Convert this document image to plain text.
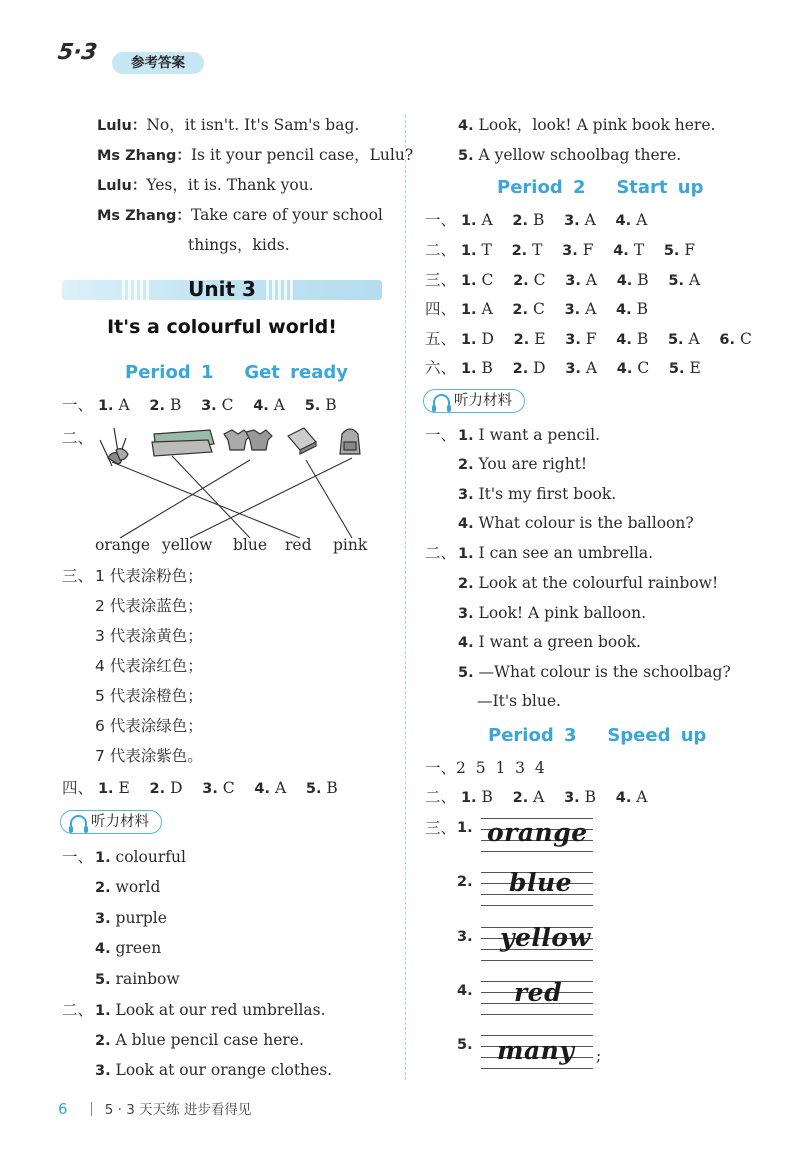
5·3	参考答案
Lulu：No，it isn't. It's Sam's bag.
Ms Zhang：Is it your pencil case，Lulu?
Lulu：Yes，it is. Thank you.
Ms Zhang：Take care of your school
things，kids.
Unit 3
It's a colourful world!
Period 1 Get ready
一、 1. A 2. B 3. C 4. A 5. B
二、
orange yellow blue red pink
三、 1 代表涂粉色；
2 代表涂蓝色；
3 代表涂黄色；
4 代表涂红色；
5 代表涂橙色；
6 代表涂绿色；
7 代表涂紫色。
四、 1. E 2. D 3. C 4. A 5. B
听力材料
一、 1. colourful
2. world
3. purple
4. green
5. rainbow
二、 1. Look at our red umbrellas.
2. A blue pencil case here.
3. Look at our orange clothes.
4. Look，look! A pink book here.
5. A yellow schoolbag there.
Period 2 Start up
一、 1. A 2. B 3. A 4. A
二、 1. T 2. T 3. F 4. T 5. F
三、 1. C 2. C 3. A 4. B 5. A
四、 1. A 2. C 3. A 4. B
五、 1. D 2. E 3. F 4. B 5. A 6. C
六、 1. B 2. D 3. A 4. C 5. E
听力材料
一、 1. I want a pencil.
2. You are right!
3. It's my first book.
4. What colour is the balloon?
二、 1. I can see an umbrella.
2. Look at the colourful rainbow!
3. Look! A pink balloon.
4. I want a green book.
5. —What colour is the schoolbag?
—It's blue.
Period 3 Speed up
一、2  5  1  3  4
二、 1. B 2. A 3. B 4. A
三、 1. orange
2. blue
3. yellow
4. red
5. many ;
6	5 · 3 天天练 进步看得见
